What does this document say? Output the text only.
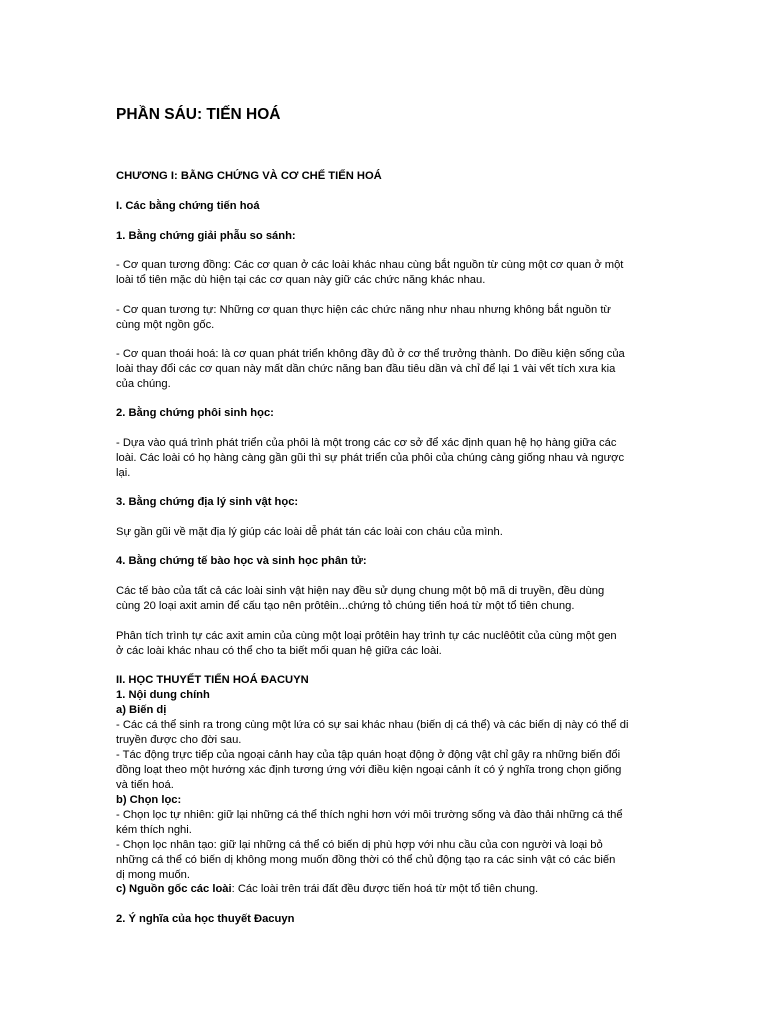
PHẦN SÁU: TIẾN HOÁ

CHƯƠNG I: BẰNG CHỨNG VÀ CƠ CHẾ TIẾN HOÁ

I. Các bằng chứng tiến hoá

1. Bằng chứng giải phẫu so sánh:

- Cơ quan tương đồng: Các cơ quan ở các loài khác nhau cùng bắt nguồn từ cùng một cơ quan ở một

loài tổ tiên mặc dù hiện tại các cơ quan này giữ các chức năng khác nhau.

- Cơ quan tương tự: Những cơ quan thực hiện các chức năng như nhau nhưng không bắt nguồn từ

cùng một ngồn gốc.

- Cơ quan thoái hoá: là cơ quan phát triển không đầy đủ ở cơ thể trưởng thành. Do điều kiện sống của

loài thay đổi các cơ quan này mất dần chức năng ban đầu tiêu dần và chỉ để lại 1 vài vết tích xưa kia

của chúng.

2. Bằng chứng phôi sinh học:

- Dựa vào quá trình phát triển của phôi là một trong các cơ sở để xác định quan hệ họ hàng giữa các

loài. Các loài có họ hàng càng gần gũi thì sự phát triển của phôi của chúng càng giống nhau và ngược

lại.

3. Bằng chứng địa lý sinh vật học:

Sự gần gũi về mặt địa lý giúp các loài dễ phát tán các loài con cháu của mình.

4. Bằng chứng tế bào học và sinh học phân tử:

Các tế bào của tất cả các loài sinh vật hiện nay đều sử dụng chung một bộ mã di truyền, đều dùng

cùng 20 loại axit amin để cấu tạo nên prôtêin...chứng tỏ chúng tiến hoá từ một tổ tiên chung.

Phân tích trình tự các axit amin của cùng một loại prôtêin hay trình tự các nuclêôtit của cùng một gen

ở các loài khác nhau có thể cho ta biết mối quan hệ giữa các loài.

II. HỌC THUYẾT TIẾN HOÁ ĐACUYN

1. Nội dung chính

a) Biến dị

- Các cá thể sinh ra trong cùng một lứa có sự sai khác nhau (biến dị cá thể) và các biến dị này có thể di

truyền được cho đời sau.

- Tác động trực tiếp của ngoại cảnh hay của tập quán hoạt động ở động vật chỉ gây ra những biến đổi

đồng loạt theo một hướng xác định tương ứng với điều kiện ngoại cảnh ít có ý nghĩa trong chọn giống

và tiến hoá.

b) Chọn lọc:

- Chọn lọc tự nhiên: giữ lại những cá thể thích nghi hơn với môi trường sống và đào thải những cá thể

kém thích nghi.

- Chọn lọc nhân tạo: giữ lại những cá thể có biến dị phù hợp với nhu cầu của con người và loại bỏ

những cá thể có biến dị không mong muốn đồng thời có thể chủ động tạo ra các sinh vật có các biến

dị mong muốn.

c) Nguồn gốc các loài: Các loài trên trái đất đều được tiến hoá từ một tổ tiên chung.

2. Ý nghĩa của học thuyết Đacuyn
